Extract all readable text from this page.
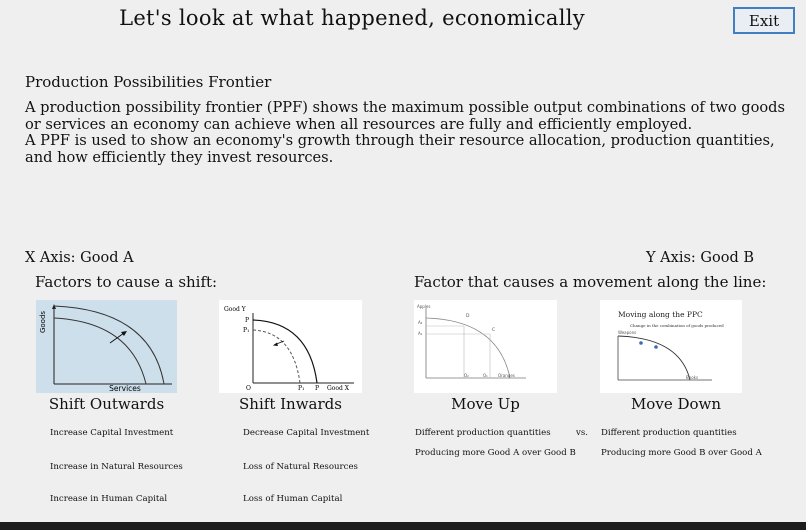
Let's look at what happened, economically	Exit
Production Possibilities Frontier

A production possibility frontier (PPF) shows the maximum possible output combinations of two goods or services an economy can achieve when all resources are fully and efficiently employed.

A PPF is used to show an economy's growth through their resource allocation, production quantities, and how efficiently they invest resources.

X Axis: Good A	Y Axis: Good B
Factors to cause a shift:	Factor that causes a movement along the line:
Goods
Services
Good Y
P
P₁
O	P₁ P Good X
Apples
A₂
A₁
D
C
O₂	O₁	Oranges
Moving along the PPC
Change in the combination of goods produced
Weapons
Books
Shift Outwards	Shift Inwards	Move Up	Move Down
Increase Capital Investment
Increase in Natural Resources
Increase in Human Capital
Decrease Capital Investment
Loss of Natural Resources
Loss of Human Capital
Different production quantities
Producing more Good A over Good B
vs. Different production quantities
Producing more Good B over Good A
